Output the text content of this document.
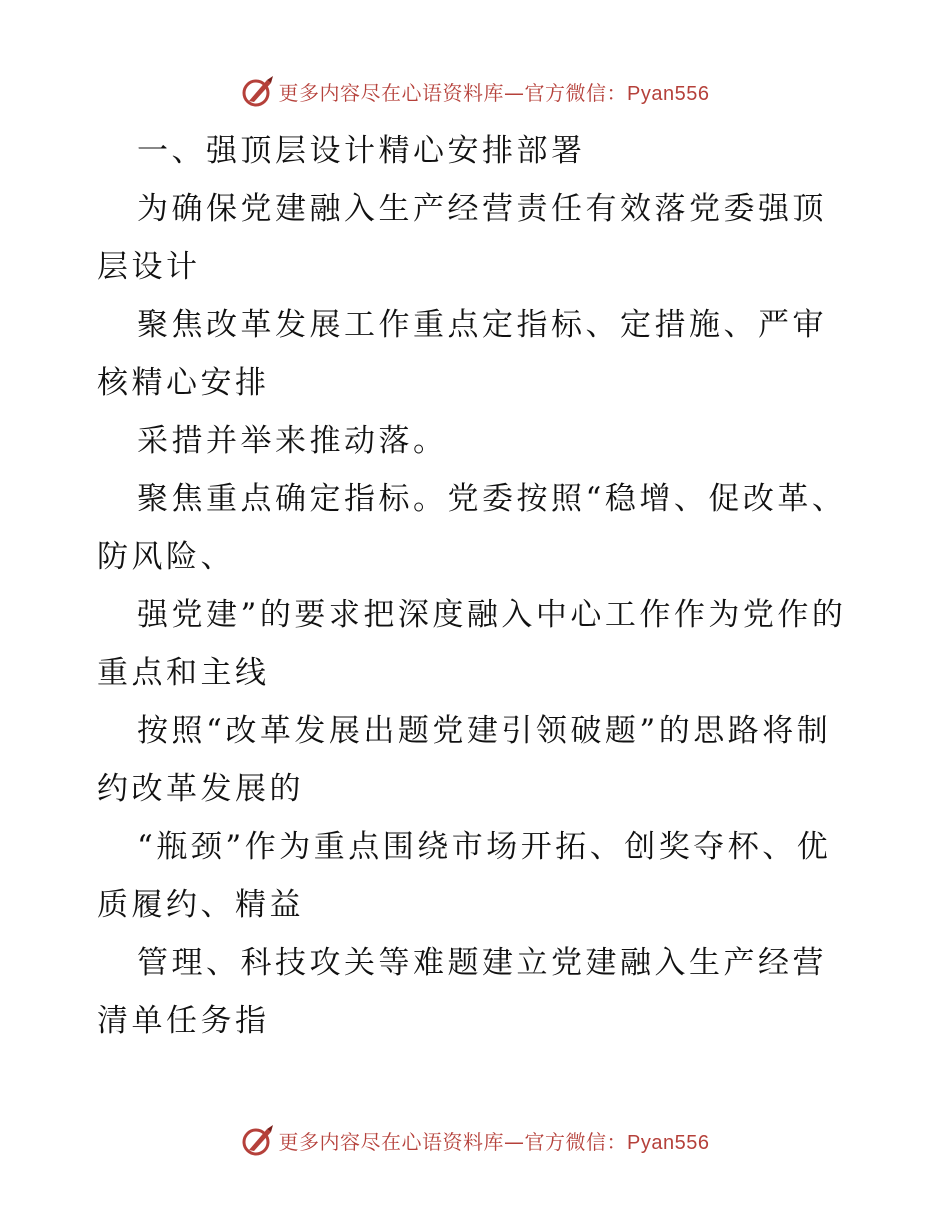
更多内容尽在心语资料库—官方微信：Pyan556

一、强顶层设计精心安排部署

为确保党建融入生产经营责任有效落党委强顶层设计

聚焦改革发展工作重点定指标、定措施、严审核精心安排

采措并举来推动落。

聚焦重点确定指标。党委按照“稳增、促改革、防风险、

强党建”的要求把深度融入中心工作作为党作的重点和主线

按照“改革发展出题党建引领破题”的思路将制约改革发展的

“瓶颈”作为重点围绕市场开拓、创奖夺杯、优质履约、精益

管理、科技攻关等难题建立党建融入生产经营清单任务指

更多内容尽在心语资料库—官方微信：Pyan556
